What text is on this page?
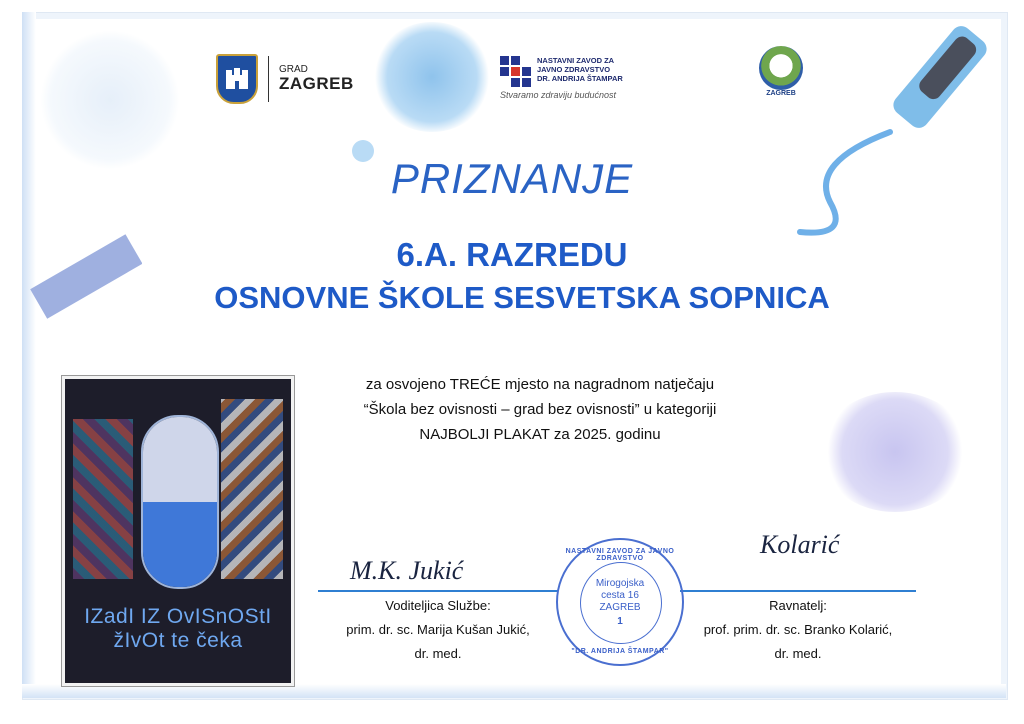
GRAD
ZAGREB
NASTAVNI ZAVOD ZA
JAVNO ZDRAVSTVO
DR. ANDRIJA ŠTAMPAR
Stvaramo zdraviju budućnost	ZAGREB
PRIZNANJE
6.A. RAZREDU
OSNOVNE ŠKOLE SESVETSKA SOPNICA
za osvojeno TREĆE mjesto na nagradnom natječaju
“Škola bez ovisnosti – grad bez ovisnosti” u kategoriji
NAJBOLJI PLAKAT za 2025. godinu
IZadI IZ OvISnOStI
žIvOt te čeka
M.K. Jukić
Voditeljica Službe:
prim. dr. sc. Marija Kušan Jukić,
dr. med.
Kolarić
Ravnatelj:
prof. prim. dr. sc. Branko Kolarić,
dr. med.
NASTAVNI ZAVOD ZA JAVNO ZDRAVSTVO
Mirogojska
cesta 16
ZAGREB
1
"DR. ANDRIJA ŠTAMPAR"
